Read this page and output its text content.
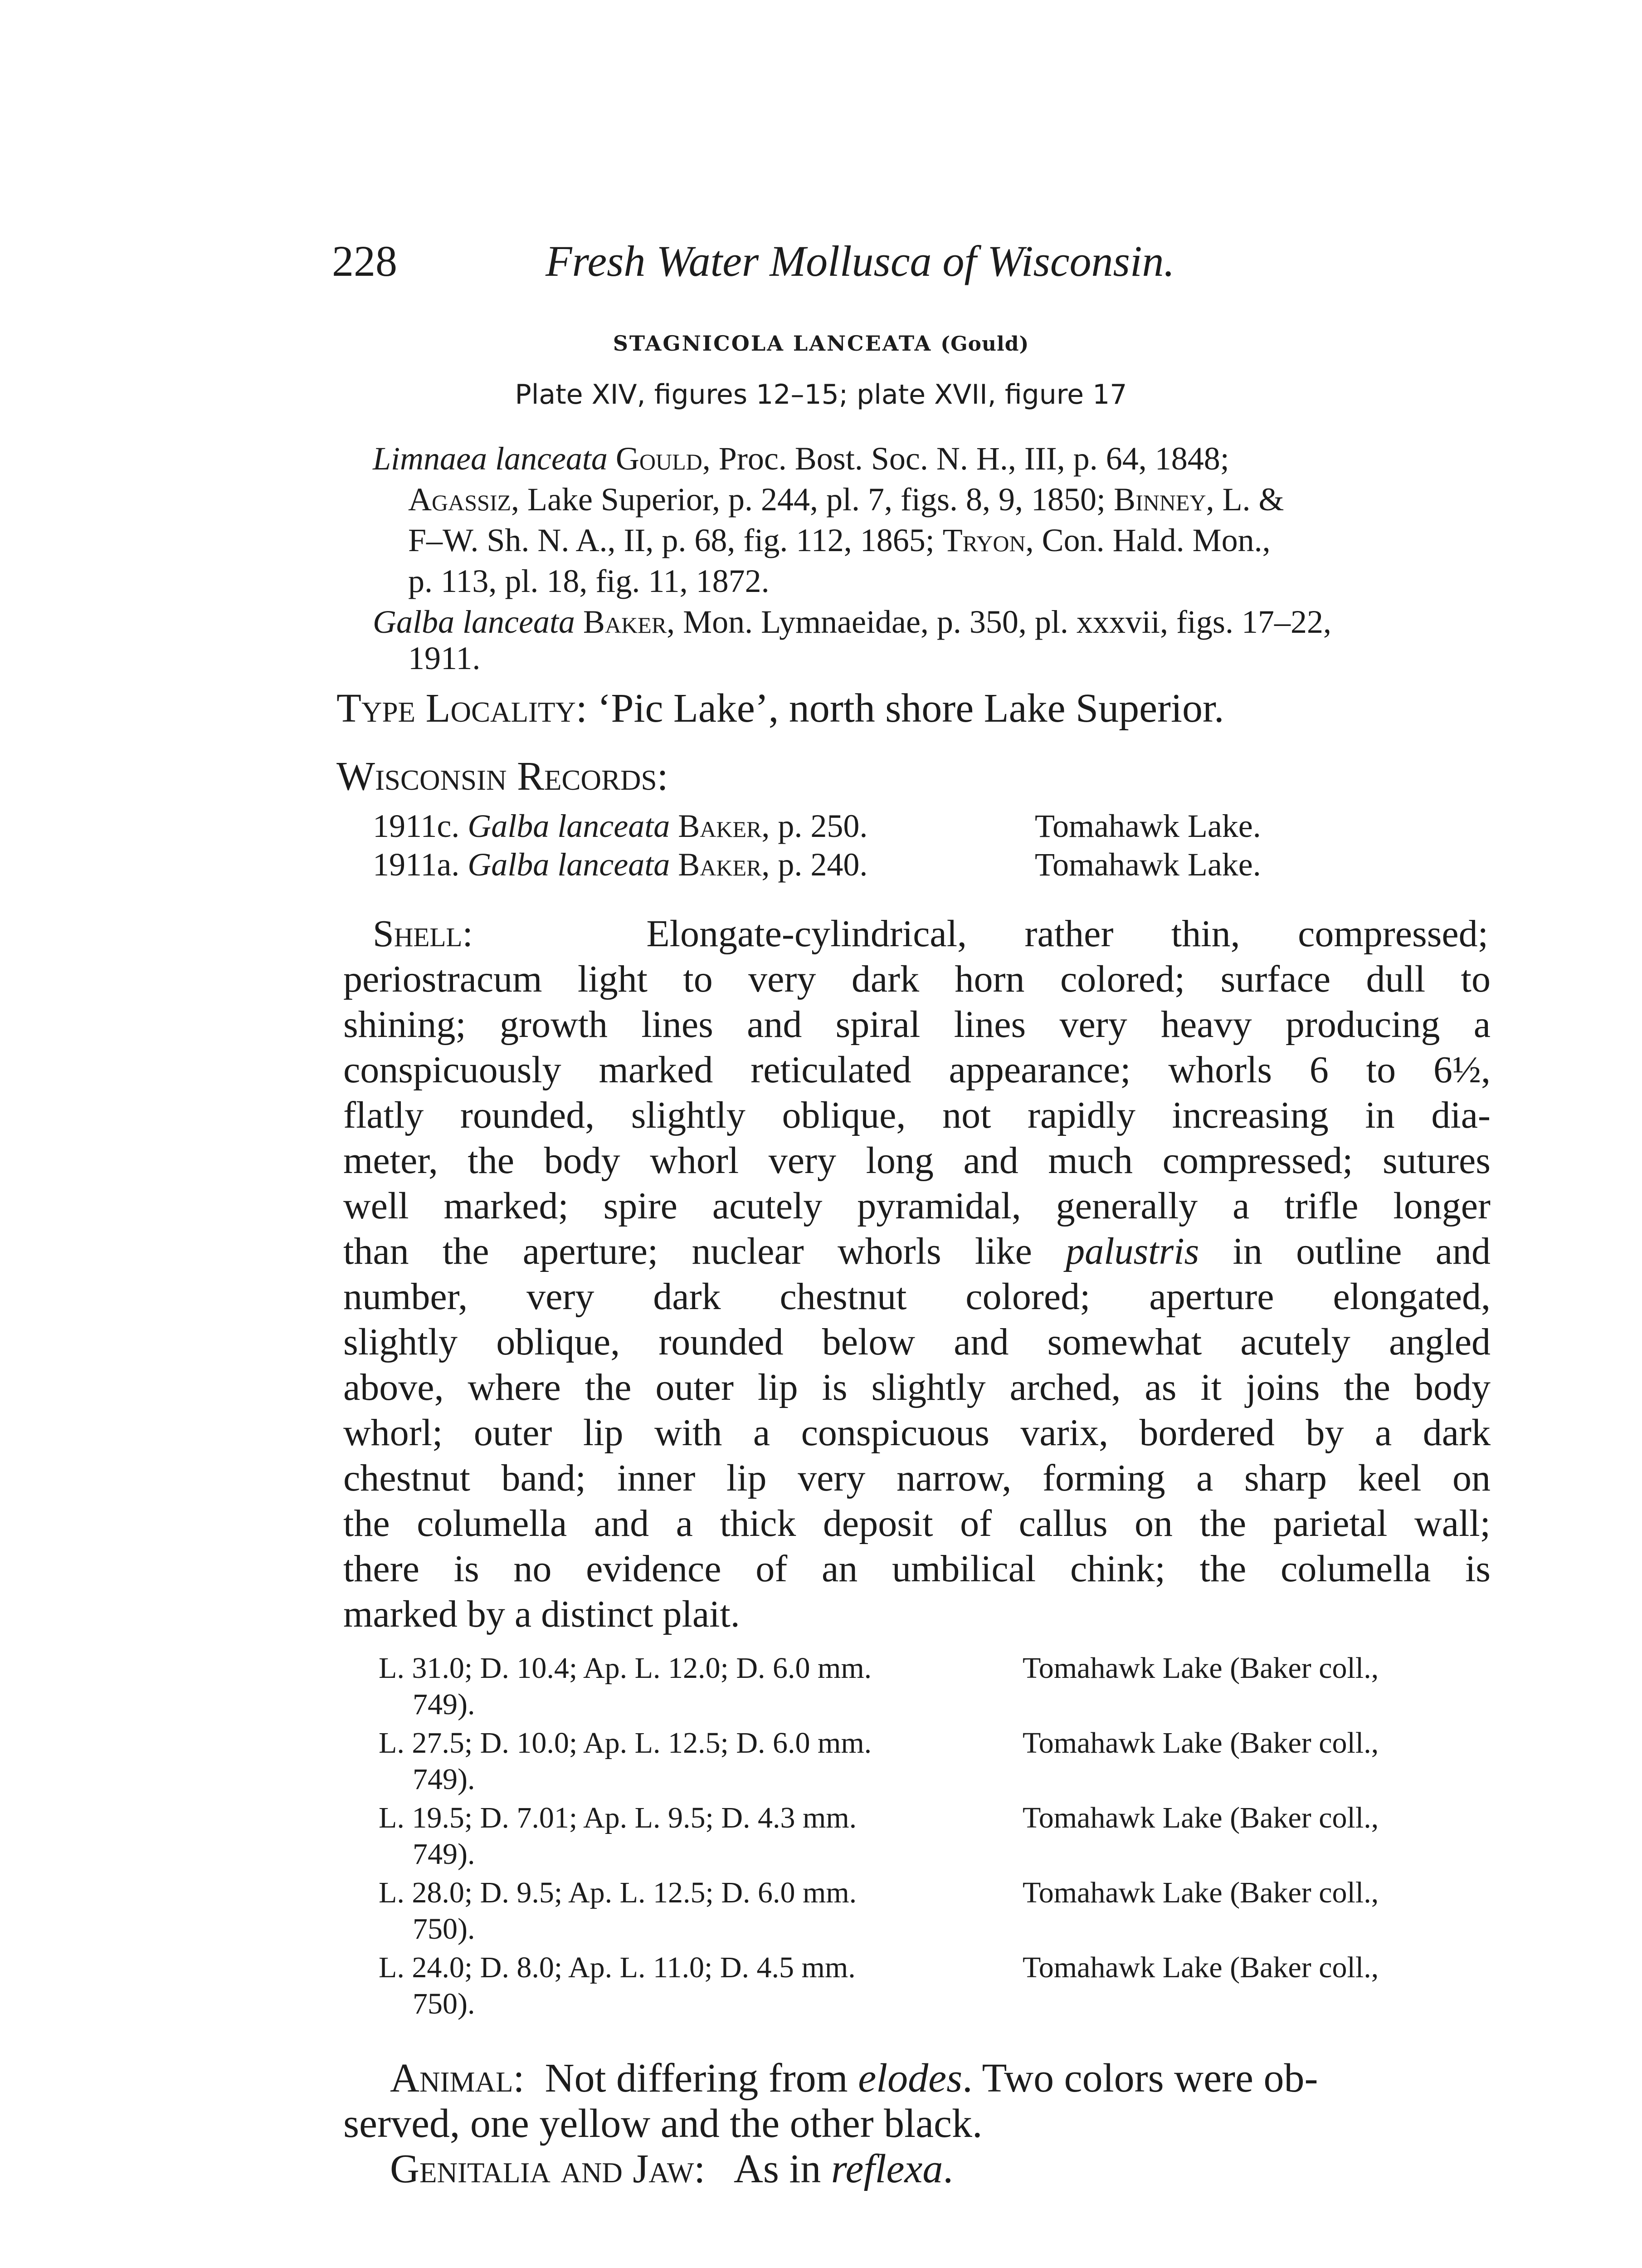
228	Fresh Water Mollusca of Wisconsin.
STAGNICOLA LANCEATA (Gould)
Plate XIV, figures 12–15; plate XVII, figure 17
Limnaea lanceata Gould, Proc. Bost. Soc. N. H., III, p. 64, 1848;
Agassiz, Lake Superior, p. 244, pl. 7, figs. 8, 9, 1850; Binney, L. &
F–W. Sh. N. A., II, p. 68, fig. 112, 1865; Tryon, Con. Hald. Mon.,
p. 113, pl. 18, fig. 11, 1872.
Galba lanceata Baker, Mon. Lymnaeidae, p. 350, pl. xxxvii, figs. 17–22,
1911.
Type Locality: ‘Pic Lake’, north shore Lake Superior.
Wisconsin Records:
1911c. Galba lanceata Baker, p. 250.	Tomahawk Lake.
1911a. Galba lanceata Baker, p. 240.	Tomahawk Lake.
Shell:	Elongate-cylindrical, rather thin, compressed;
periostracum light to very dark horn colored; surface dull to
shining; growth lines and spiral lines very heavy producing a
conspicuously marked reticulated appearance; whorls 6 to 6½,
flatly rounded, slightly oblique, not rapidly increasing in dia-
meter, the body whorl very long and much compressed; sutures
well marked; spire acutely pyramidal, generally a trifle longer
than the aperture; nuclear whorls like palustris in outline and
number, very dark chestnut colored; aperture elongated,
slightly oblique, rounded below and somewhat acutely angled
above, where the outer lip is slightly arched, as it joins the body
whorl; outer lip with a conspicuous varix, bordered by a dark
chestnut band; inner lip very narrow, forming a sharp keel on
the columella and a thick deposit of callus on the parietal wall;
there is no evidence of an umbilical chink; the columella is
marked by a distinct plait.
L. 31.0; D. 10.4; Ap. L. 12.0; D. 6.0 mm.	Tomahawk Lake (Baker coll.,
749).
L. 27.5; D. 10.0; Ap. L. 12.5; D. 6.0 mm.	Tomahawk Lake (Baker coll.,
749).
L. 19.5; D. 7.01; Ap. L. 9.5; D. 4.3 mm.	Tomahawk Lake (Baker coll.,
749).
L. 28.0; D. 9.5; Ap. L. 12.5; D. 6.0 mm.	Tomahawk Lake (Baker coll.,
750).
L. 24.0; D. 8.0; Ap. L. 11.0; D. 4.5 mm.	Tomahawk Lake (Baker coll.,
750).
Animal: Not differing from elodes. Two colors were ob-
served, one yellow and the other black.
Genitalia and Jaw: As in reflexa.
